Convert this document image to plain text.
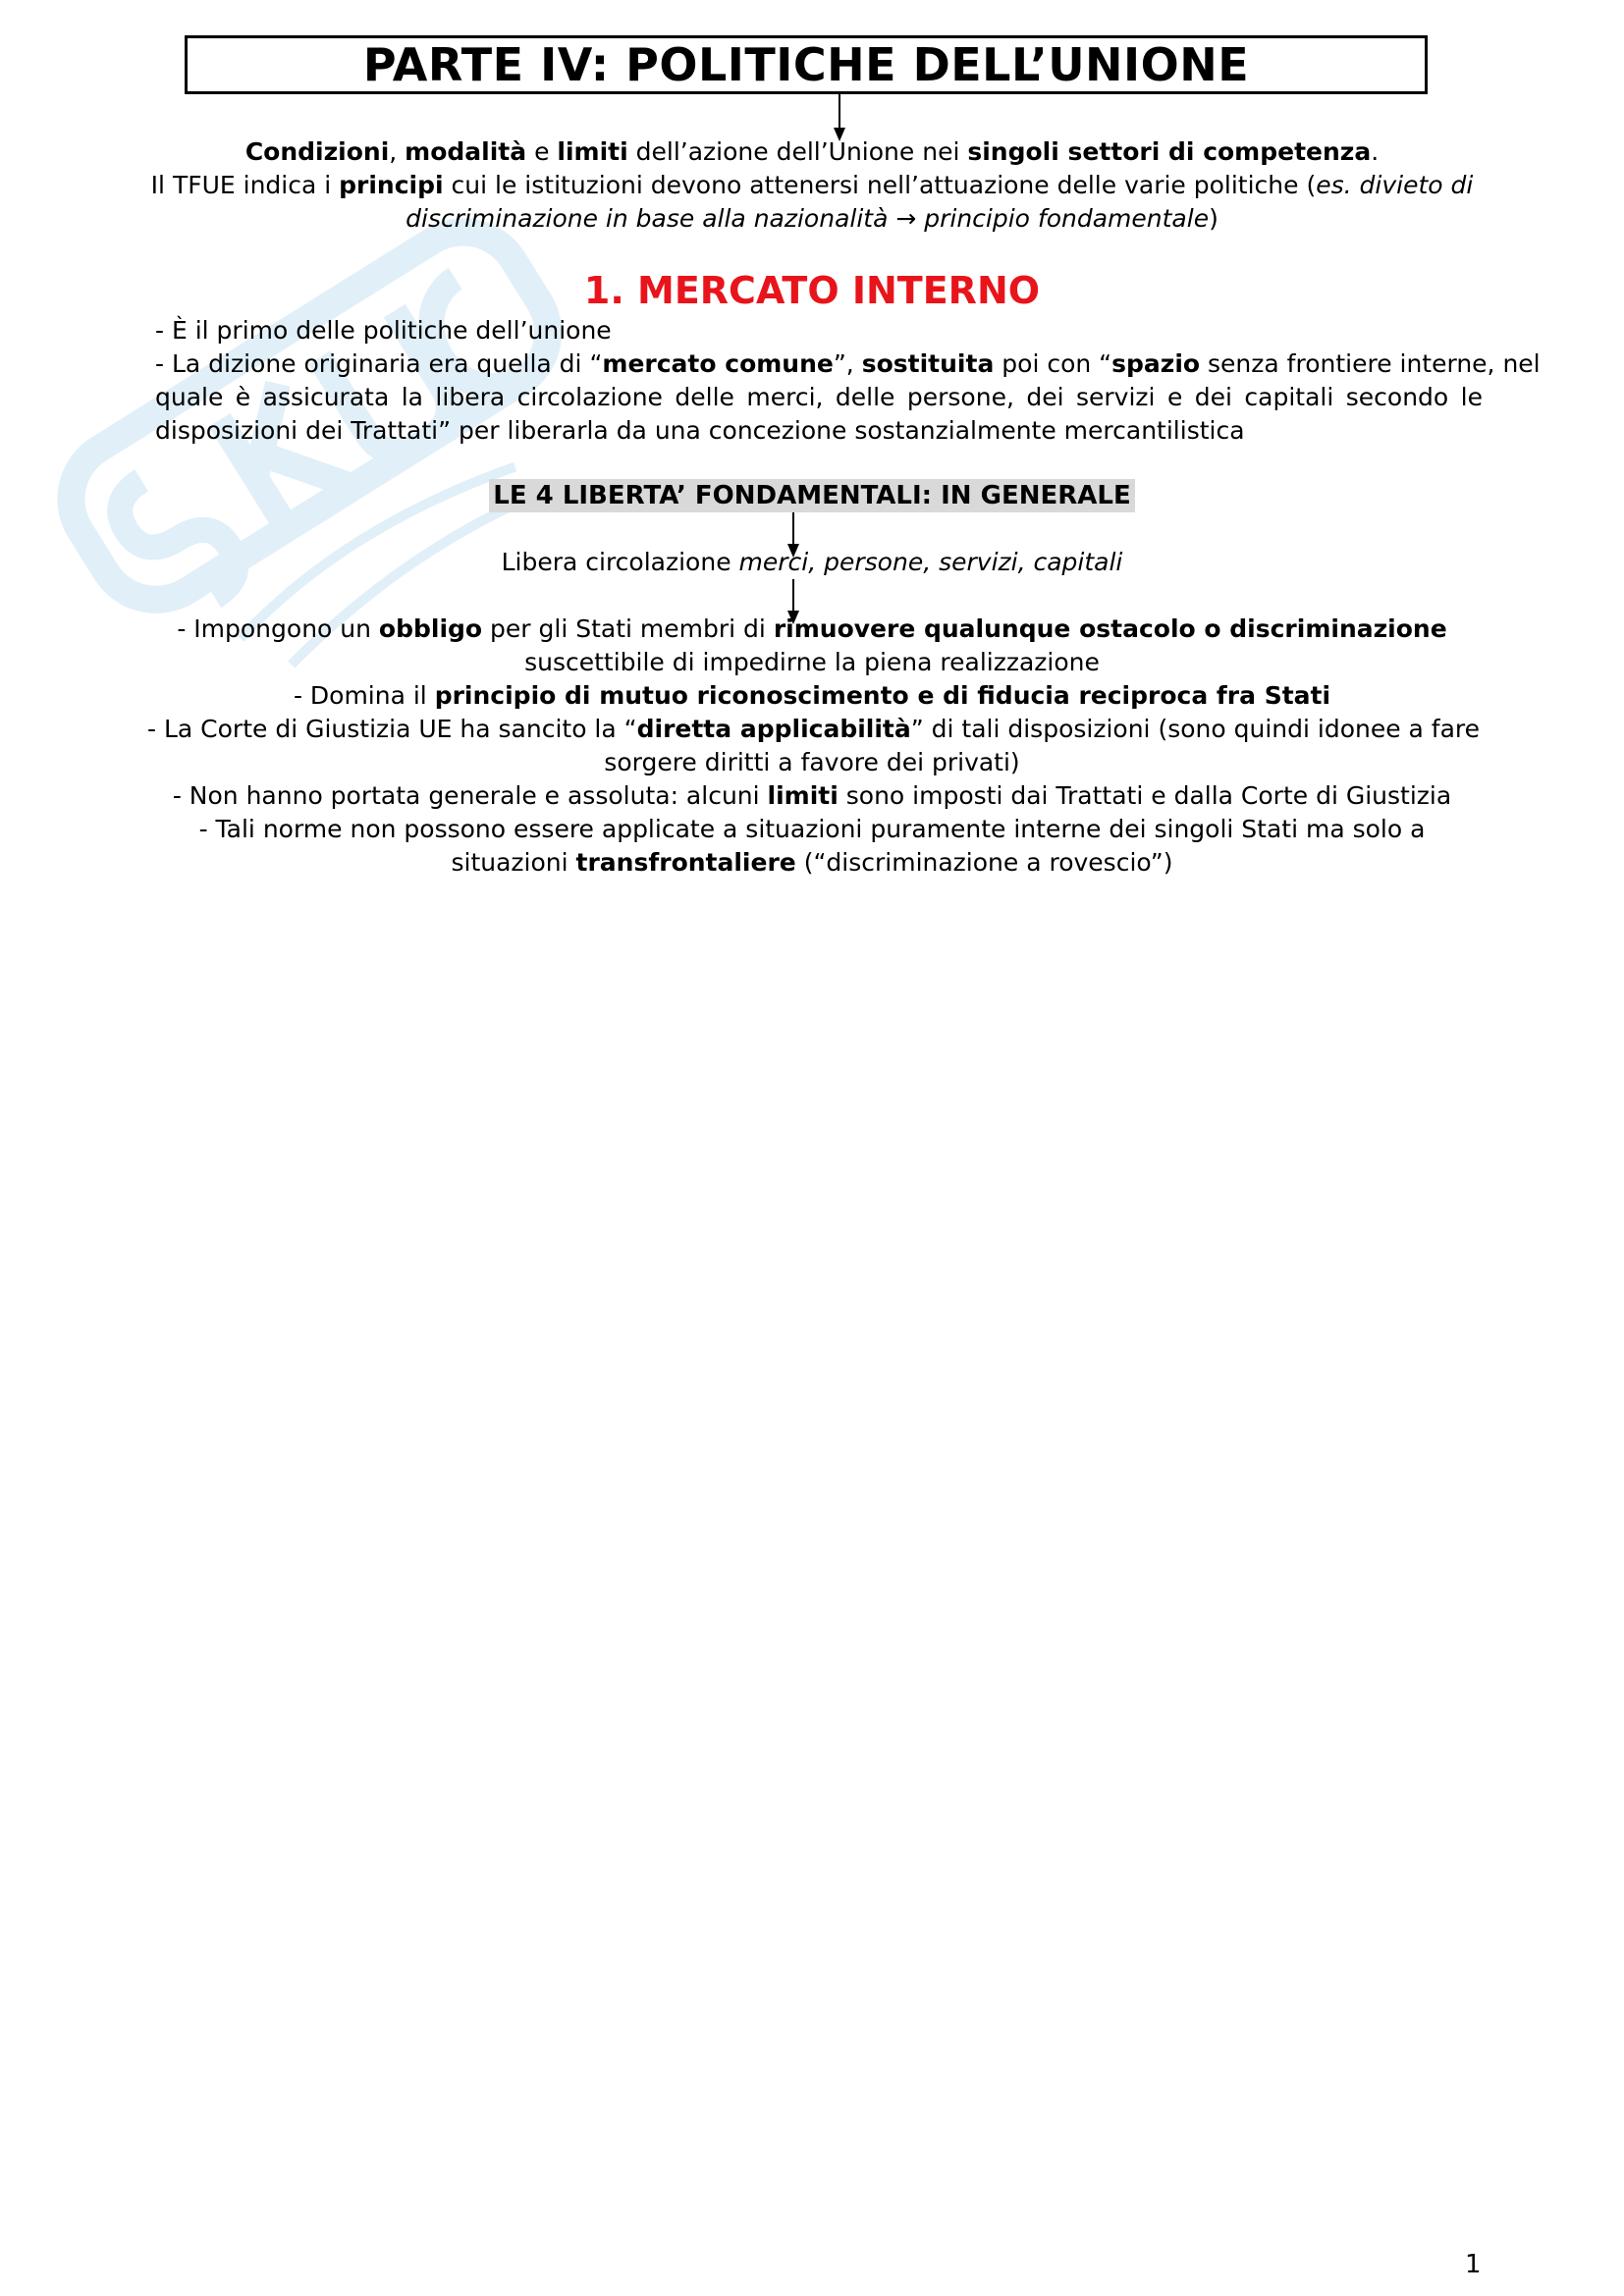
PARTE IV: POLITICHE DELL’UNIONE
Condizioni, modalità e limiti dell’azione dell’Unione nei singoli settori di competenza.
Il TFUE indica i principi cui le istituzioni devono attenersi nell’attuazione delle varie politiche (es. divieto di
discriminazione in base alla nazionalità → principio fondamentale)
1. MERCATO INTERNO
- È il primo delle politiche dell’unione
- La dizione originaria era quella di “mercato comune”, sostituita poi con “spazio senza frontiere interne, nel
quale è assicurata la libera circolazione delle merci, delle persone, dei servizi e dei capitali secondo le
disposizioni dei Trattati” per liberarla da una concezione sostanzialmente mercantilistica
LE 4 LIBERTA’ FONDAMENTALI: IN GENERALE
Libera circolazione merci, persone, servizi, capitali
- Impongono un obbligo per gli Stati membri di rimuovere qualunque ostacolo o discriminazione
suscettibile di impedirne la piena realizzazione
- Domina il principio di mutuo riconoscimento e di fiducia reciproca fra Stati
- La Corte di Giustizia UE ha sancito la “diretta applicabilità” di tali disposizioni (sono quindi idonee a fare
sorgere diritti a favore dei privati)
- Non hanno portata generale e assoluta: alcuni limiti sono imposti dai Trattati e dalla Corte di Giustizia
- Tali norme non possono essere applicate a situazioni puramente interne dei singoli Stati ma solo a
situazioni transfrontaliere (“discriminazione a rovescio”)
1
